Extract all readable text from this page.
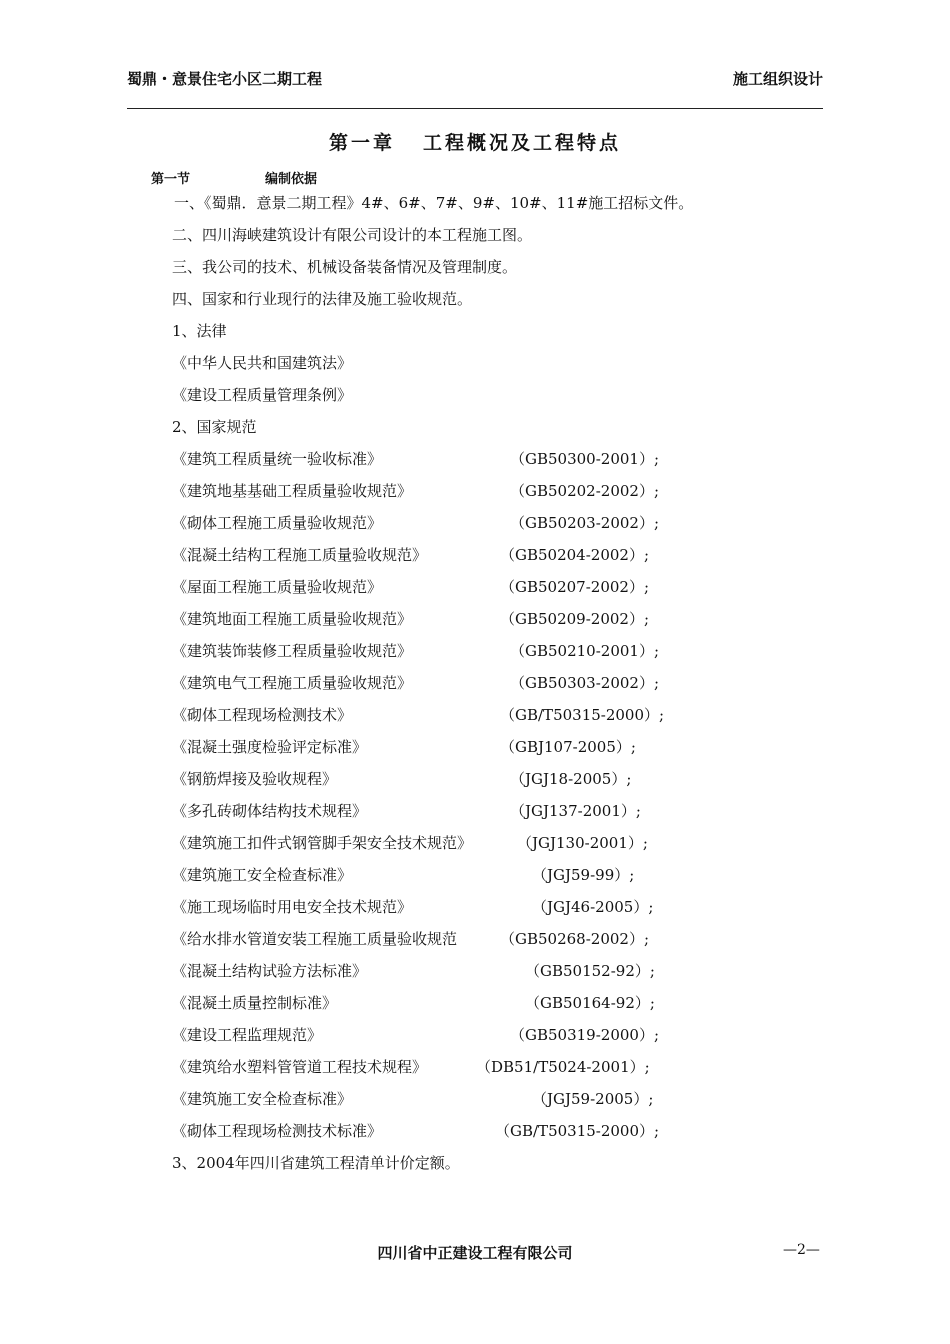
蜀鼎・意景住宅小区二期工程	施工组织设计
第一章 工程概况及工程特点
第一节	编制依据
一、《蜀鼎．意景二期工程》4#、6#、7#、9#、10#、11#施工招标文件。
二、四川海峡建筑设计有限公司设计的本工程施工图。
三、我公司的技术、机械设备装备情况及管理制度。
四、国家和行业现行的法律及施工验收规范。
1、法律
《中华人民共和国建筑法》
《建设工程质量管理条例》
2、国家规范
《建筑工程质量统一验收标准》	（GB50300-2001）;
《建筑地基基础工程质量验收规范》	（GB50202-2002）;
《砌体工程施工质量验收规范》	（GB50203-2002）;
《混凝土结构工程施工质量验收规范》	（GB50204-2002）;
《屋面工程施工质量验收规范》	（GB50207-2002）;
《建筑地面工程施工质量验收规范》	（GB50209-2002）;
《建筑装饰装修工程质量验收规范》	（GB50210-2001）;
《建筑电气工程施工质量验收规范》	（GB50303-2002）;
《砌体工程现场检测技术》	（GB/T50315-2000）;
《混凝土强度检验评定标准》	（GBJ107-2005）;
《钢筋焊接及验收规程》	（JGJ18-2005）;
《多孔砖砌体结构技术规程》	（JGJ137-2001）;
《建筑施工扣件式钢管脚手架安全技术规范》	（JGJ130-2001）;
《建筑施工安全检查标准》	（JGJ59-99）;
《施工现场临时用电安全技术规范》	（JGJ46-2005）;
《给水排水管道安装工程施工质量验收规范	（GB50268-2002）;
《混凝土结构试验方法标准》	（GB50152-92）;
《混凝土质量控制标准》	（GB50164-92）;
《建设工程监理规范》	（GB50319-2000）;
《建筑给水塑料管管道工程技术规程》	（DB51/T5024-2001）;
《建筑施工安全检查标准》	（JGJ59-2005）;
《砌体工程现场检测技术标准》	（GB/T50315-2000）;
3、2004年四川省建筑工程清单计价定额。
四川省中正建设工程有限公司	—2—
